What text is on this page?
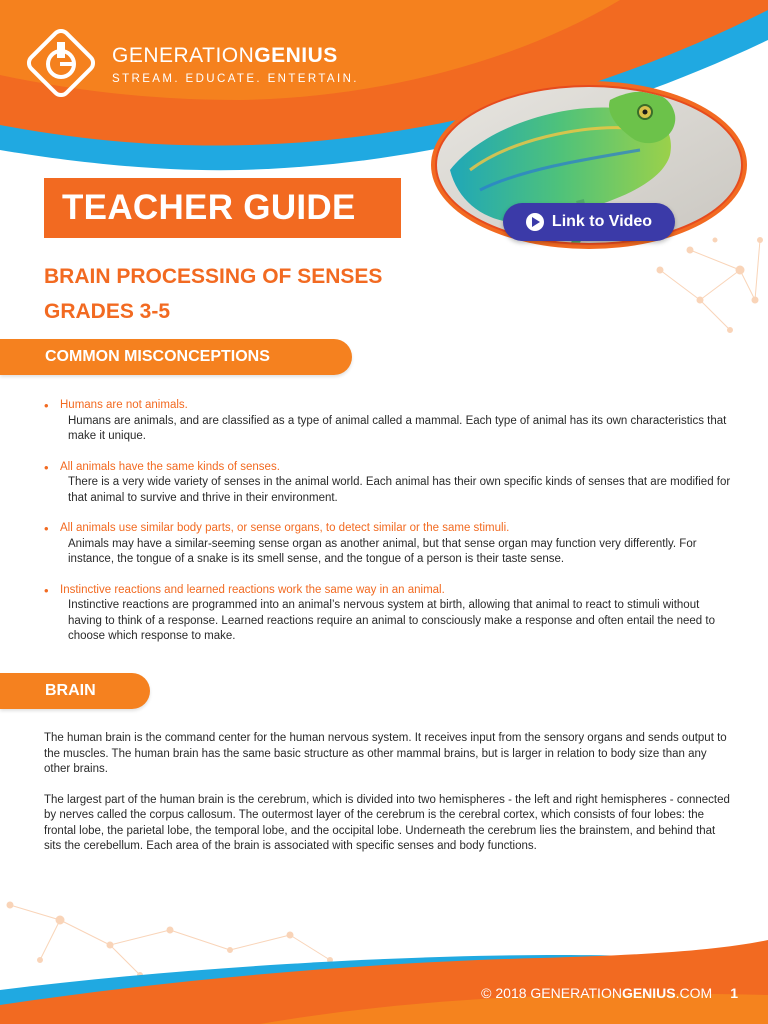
GENERATIONGENIUS
STREAM. EDUCATE. ENTERTAIN.
Link to Video
TEACHER GUIDE
BRAIN PROCESSING OF SENSES
GRADES 3-5
COMMON MISCONCEPTIONS
• Humans are not animals.
Humans are animals, and are classified as a type of animal called a mammal. Each type of animal has its own characteristics that make it unique.
• All animals have the same kinds of senses.
There is a very wide variety of senses in the animal world. Each animal has their own specific kinds of senses that are modified for that animal to survive and thrive in their environment.
• All animals use similar body parts, or sense organs, to detect similar or the same stimuli.
Animals may have a similar-seeming sense organ as another animal, but that sense organ may function very differently. For instance, the tongue of a snake is its smell sense, and the tongue of a person is their taste sense.
• Instinctive reactions and learned reactions work the same way in an animal.
Instinctive reactions are programmed into an animal’s nervous system at birth, allowing that animal to react to stimuli without having to think of a response. Learned reactions require an animal to consciously make a response and often entail the need to choose which response to make.
BRAIN

The human brain is the command center for the human nervous system. It receives input from the sensory organs and sends output to the muscles. The human brain has the same basic structure as other mammal brains, but is larger in relation to body size than any other brains.

The largest part of the human brain is the cerebrum, which is divided into two hemispheres - the left and right hemispheres - connected by nerves called the corpus callosum. The outermost layer of the cerebrum is the cerebral cortex, which consists of four lobes: the frontal lobe, the parietal lobe, the temporal lobe, and the occipital lobe. Underneath the cerebrum lies the brainstem, and behind that sits the cerebellum. Each area of the brain is associated with specific senses and body functions.

© 2018 GENERATIONGENIUS.COM 1
